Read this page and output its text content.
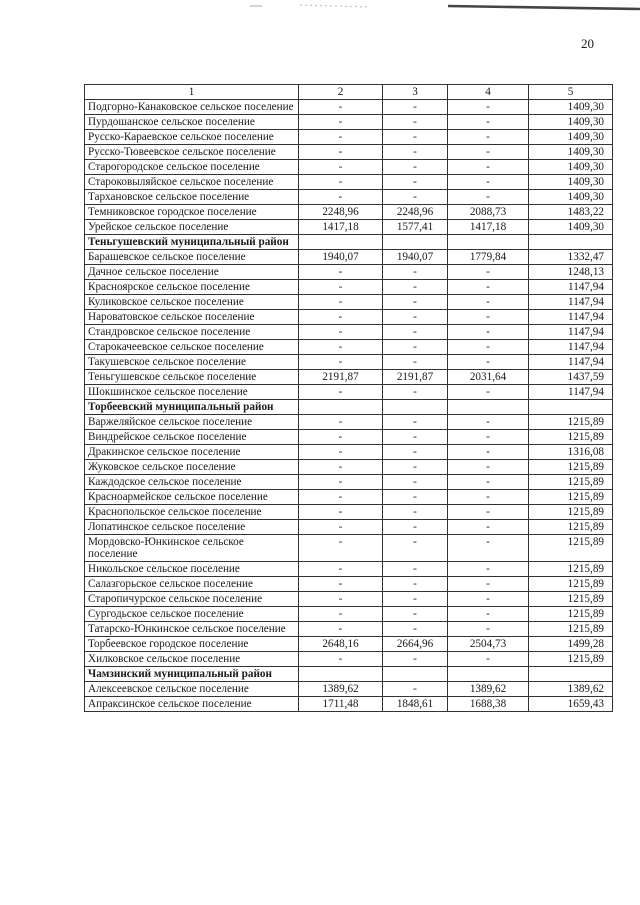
20
1	2	3	4	5
Подгорно-Канаковское сельское поселение	-	-	-	1409,30
Пурдошанское сельское поселение	-	-	-	1409,30
Русско-Караевское сельское поселение	-	-	-	1409,30
Русско-Тювеевское сельское поселение	-	-	-	1409,30
Старогородское сельское поселение	-	-	-	1409,30
Староковыляйское сельское поселение	-	-	-	1409,30
Тархановское сельское поселение	-	-	-	1409,30
Темниковское городское поселение	2248,96	2248,96	2088,73	1483,22
Урейское сельское поселение	1417,18	1577,41	1417,18	1409,30
Теньгушевский муниципальный район				
Барашевское сельское поселение	1940,07	1940,07	1779,84	1332,47
Дачное сельское поселение	-	-	-	1248,13
Красноярское сельское поселение	-	-	-	1147,94
Куликовское сельское поселение	-	-	-	1147,94
Нароватовское сельское поселение	-	-	-	1147,94
Стандровское сельское поселение	-	-	-	1147,94
Старокачеевское сельское поселение	-	-	-	1147,94
Такушевское сельское поселение	-	-	-	1147,94
Теньгушевское сельское поселение	2191,87	2191,87	2031,64	1437,59
Шокшинское сельское поселение	-	-	-	1147,94
Торбеевский муниципальный район				
Варжеляйское сельское поселение	-	-	-	1215,89
Виндрейское сельское поселение	-	-	-	1215,89
Дракинское сельское поселение	-	-	-	1316,08
Жуковское сельское поселение	-	-	-	1215,89
Каждодское сельское поселение	-	-	-	1215,89
Красноармейское сельское поселение	-	-	-	1215,89
Краснопольское сельское поселение	-	-	-	1215,89
Лопатинское сельское поселение	-	-	-	1215,89
Мордовско-Юнкинское сельское поселение	-	-	-	1215,89
Никольское сельское поселение	-	-	-	1215,89
Салазгорьское сельское поселение	-	-	-	1215,89
Старопичурское сельское поселение	-	-	-	1215,89
Сургодьское сельское поселение	-	-	-	1215,89
Татарско-Юнкинское сельское поселение	-	-	-	1215,89
Торбеевское городское поселение	2648,16	2664,96	2504,73	1499,28
Хилковское сельское поселение	-	-	-	1215,89
Чамзинский муниципальный район				
Алексеевское сельское поселение	1389,62	-	1389,62	1389,62
Апраксинское сельское поселение	1711,48	1848,61	1688,38	1659,43
